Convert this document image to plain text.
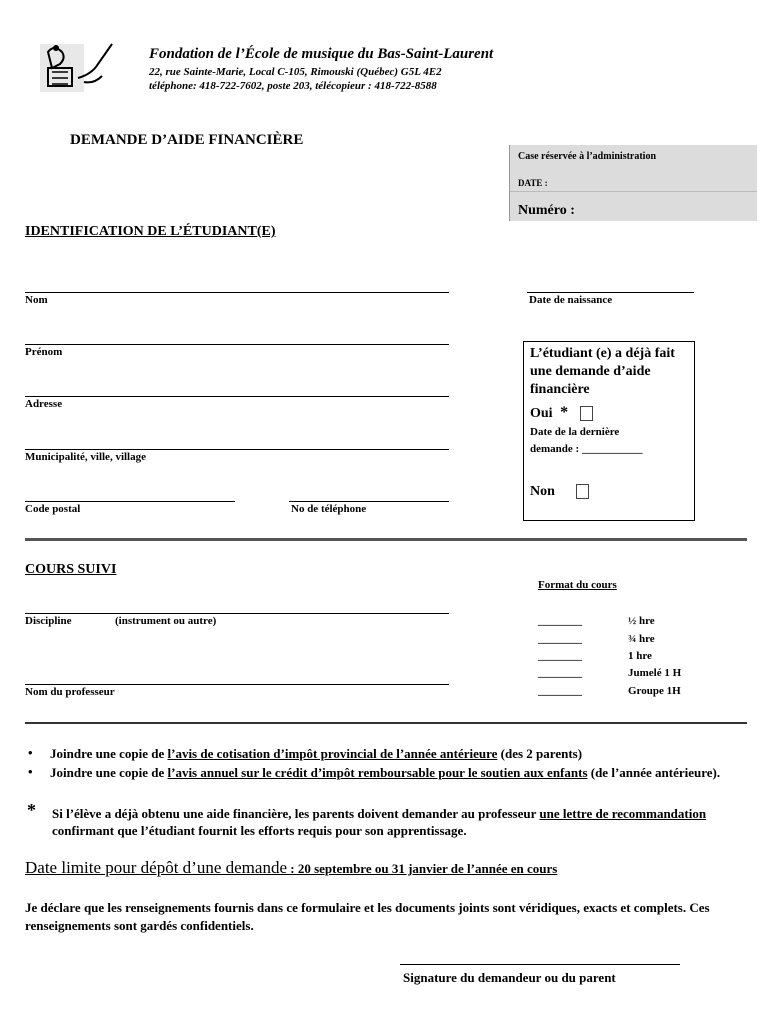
Fondation de l’École de musique du Bas-Saint-Laurent
22, rue Sainte-Marie, Local C-105, Rimouski (Québec) G5L 4E2
téléphone: 418-722-7602, poste 203, télécopieur : 418-722-8588
DEMANDE D’AIDE FINANCIÈRE
Case réservée à l’administration
DATE :
Numéro :
IDENTIFICATION DE L’ÉTUDIANT(E)
Nom	Date de naissance
Prénom
Adresse
Municipalité, ville, village
Code postal	No de téléphone
L’étudiant (e) a déjà fait une demande d’aide financière
Oui *
Date de la dernière
demande : ___________
Non
COURS SUIVI
Format du cours
Discipline	(instrument ou autre)
Nom du professeur
________	½ hre
________	¾ hre
________	1 hre
________	Jumelé 1 H
________	Groupe 1H
• Joindre une copie de l’avis de cotisation d’impôt provincial de l’année antérieure (des 2 parents)
• Joindre une copie de l’avis annuel sur le crédit d’impôt remboursable pour le soutien aux enfants (de l’année antérieure).
* Si l’élève a déjà obtenu une aide financière, les parents doivent demander au professeur une lettre de recommandation confirmant que l’étudiant fournit les efforts requis pour son apprentissage.
Date limite pour dépôt d’une demande : 20 septembre ou 31 janvier de l’année en cours
Je déclare que les renseignements fournis dans ce formulaire et les documents joints sont véridiques, exacts et complets. Ces renseignements sont gardés confidentiels.
Signature du demandeur ou du parent
